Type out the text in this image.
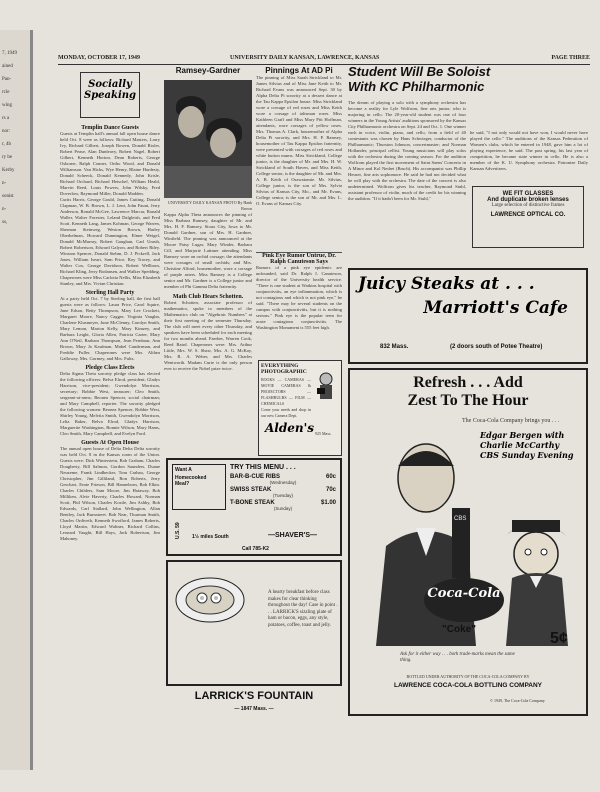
7, 1949
ained
Pan-
rcle
wing
rs a
nor:
r, 4b
ry be
Kerby
n-
sonist
n-
ss,
MONDAY, OCTOBER 17, 1949	UNIVERSITY DAILY KANSAN, LAWRENCE, KANSAS	PAGE THREE
Socially
Speaking
Templin Dance Guests
Guests at Templin hall's annual fall open house dance held Oct. 8 were as follows: Richard Masters, Larry Ivy, Richard Gilbert, Joseph Bowen, Donald Bixler, Robert Pease, Alan Dunleavy, Robert Nagel, Robert Gilbert, Kenneth Horton, Dean Roberts, George Osborne, Ralph Conner, Ortho Wood, and Donald Williamson. Van Hicks, Wye Henry, Blaine Hardesty, Donald Scheeck, Donald Kennedy, John Krisle, Richard Orchard, Richard Hetschel, William Heald, Marvin Reed, Louis Powers, John Wilsky, Fred Doverlow, Raymond Miller, Donald Madden.
Curtis Harris, George Gould, James Cutting, Donald Clapman, W. B. Brown, L. J. Lent, John Fauni, Jerry Anderson, Ronald McGee, Lawrence Marcar, Ronald Waller, Walter Forester, Leland Dalgleish, and Fred Scott. Kenneth Lang, James Kohman, George Warren, Sherman Steinweg, Weston Brown, Harley Oberhelman, Howard Dunnington, Elmer Weigel, Donald McMurray, Robert Gaughan, Carl Unruh, Robert Robertson, Edward Galyon, and Robert Riley. Winston Spencer, Donald Stehm, D. J. Pickrell, Jack Jones, William Iseart, Sam Price, Roy Tracey, and Walter Cox, George Davidson, Robert Wellborn, Richard Kling, Jerry Bodansen, and Walker Spedding. Chaperones were Miss Carlotta Nellis, Miss Elizabeth Stanley, and Mrs. Vivian Christian.
Sterling Hall Party
At a party held Oct. 7 by Sterling hall, the first hall guests were as follows: Laura Price, Carol Squire, June Edson, Betty Thompson, Mary Lee Crockett, Margaret Moore, Nancy Cagger, Virginia Vaughn, Charlene Klusmeyer, June McClenny, Carolyn Smith, Mary Lemon, Marion Kelly, Mary Kimzey, and Barbara Leight, Gloria Allen, Patricia Carter, Mary Ann O'Neil, Barbara Thompson, Jean Fernbaur, Ann Brown, Mary Jo Kaufman, Mabel Cunderman, and Freddie Fuller. Chaperones were Mrs. Althea Galloway, Mrs. Gormey, and Mrs. Fultz.
Pledge Class Elects
Delta Sigma Theta sorority pledge class has elected the following officers: Belva Elrod, president; Gladys Harrison, vice-president; Gwendolyn Morrison, secretary; Bobbie West, treasurer; Cleo Smith, sergeant-at-arms; Beonea Spencer, social chairman; and Mary Campbell, reporter. The sorority pledged the following women: Beonea Spencer, Bobbie West, Shirley Young, Melvita Smith, Gwendolyn Morrison, Lelia Baker, Belva Elrod, Gladys Harrison, Marguerite Washington, Bonnie Wilson, Mary Hams, Cleo Smith, Mary Campbell, and Evelyn Ford.
Guests At Open House
The annual open house of Delta Delta Delta sorority was held Oct. 8 in the Kansas room of the Union. Guests were: Dick Winterstein, Bob Graham, Charles Dougherty, Bill Salmon, Gordon Saunders, Duane Neuzeme, Frank Lindbecker, Tom Crabau, George Christopher, Jim Gilliland, Ron Roberts, Jerry Geschart, Ernie Frieson, Bill Hanneborn, Bob Elkin. Charles Childers, Sam Moore, Jim Hataway, Bob Milliken, Alvie Haverty, Charles Howard, Norman Scott, Phil Wilson, Charles Kostle, Jim Ashby, Bob Edwards, Carl Stallard, John Wellington, Allan Bentley, Jack Burnstreet. Bob Near, Thurman Smith, Charles Ordiveth, Kenneth Swofford, James Roberts, Lloyd Martin, Edward Waltner, Richard Collins, Leonard Vaught, Bill Hays, Jack Robertson, Jim Mahoney.
Ramsey-Gardner
UNIVERSITY DAILY KANSAN PHOTO By Hank Brown
Kappa Alpha Theta announces the pinning of Miss Barbara Ramsey, daughter of Mr. and Mrs. H. F. Ramsey, Sioux City, Iowa to Mr. Donald Gardner, son of Mrs. H. Gardner, Winfield. The pinning was announced at the Moore Patsy Lugar, Mary Winder, Barbara Cill, and Marjorie Latimer attending. Miss Ramsey wore an orchid corsage; the attendants were corsages of small orchids; and Mrs. Christine Alford, housemother, wore a corsage of purple asters. Miss Ramsey is a College senior and Mr. Gardner is a College junior and member of Phi Gamma Delta fraternity.
Math Club Hears Schotten.
Robert Schotten, associate professor of mathematics, spoke to members of the Mathematics club on "Algebraic Numbers" at their first meeting of the semester Thursday. The club will meet every other Thursday, and speakers have been scheduled for each meeting for two months ahead. Faerber, Warren Cook, Reed Baird. Chaperones were: Mrs. Arthur Little, Mrs. W. S. Shaw, Mrs. A. G. McKay, Mrs. R. A. Weber, and Mrs. Charles Wentworth. Madam Curie is the only person ever to receive the Nobel prize twice.
Pinnings At AD Pi
The pinning of Miss Sarah Strickland to Mr. James Silvius and of Miss Jane Keith to Mr. Richard Evans was announced Sept. 30 by Alpha Delta Pi sorority at a dessert dance at the Tau Kappa Epsilon house. Miss Strickland wore a corsage of red roses and Miss Keith wore a corsage of talisman roses. Miss Kathleen Graff and Miss Mary Pitt Hoffman, attendants, wore corsages of yellow roses. Mrs. Thomas A. Clark, housemother of Alpha Delta Pi sorority, and Mrs. H. P. Ramsey, housemother of Tau Kappa Epsilon fraternity, were presented with corsages of red roses and white button mums. Miss Strickland, College junior, is the daughter of Mr. and Mrs. H. W. Strickland of South Haven, and Miss Keith, College senior, is the daughter of Mr. and Mrs. A. B. Keith of Osawatomie. Mr. Silvius, College junior, is the son of Mrs. Sylvia Silvius of Kansas City, Mo., and Mr. Evans, College senior, is the son of Mr. and Mrs. L. O. Evans of Kansas City.
Pink Eye Rumor Untrue, Dr. Ralph Canuteson Says
Rumors of a pink eye epidemic are unfounded, said Dr. Ralph I. Canuteson, director of the University health service. "There is one student at Watkins hospital with conjunctivitis, an eye inflammation, which is not contagious and which is not pink eye," he said. "There may be several students on the campus with conjunctivitis, but it is nothing serious." Pink eye is the popular term for acute contagious conjunctivitis. The Washington Monument is 555 feet high.
EVERYTHING PHOTOGRAPHIC
BOOKS — CAMERAS — MOVIE CAMERAS & PROJECTORS — FLASHBULBS — FILM — CHEMICALS
Come your needs and shop in our new Camera Dept.
Alden's 925 Mass.
Want A
Homecooked
Meal?
U.S. 59
TRY THIS MENU . . .
BAR-B-CUE RIBS	60c
(Wednesday)
SWISS STEAK	70c
(Tuesday)
T-BONE STEAK	$1.00
(Sunday)
1½ miles South	—SHAVER'S—
Call 785-K2
A hearty breakfast before class makes for clear thinking throughout the day! Case in point . . . LARRICK'S sizzling plate of ham or bacon, eggs, any style, potatoes, coffee, toast and jelly.
LARRICK'S FOUNTAIN
— 1847 Mass. —
Student Will Be Soloist
With KC Philharmonic
The dream of playing a solo with a symphony orchestra has become a reality for Lyle Wolfrom, fine arts junior, who is majoring in cello. The 20-year-old student was one of four winners in the Young Artists' auditions sponsored by the Kansas City Philharmonic orchestra on Sept. 24 and Oct. 1. One winner each in voice, violin, piano, and cello, from a field of 40 contestants was chosen by Hans Schwieger, conductor of the Philharmonic; Thurston Johnson, concertmaster; and Norman Hollander, principal cellist. Young musicians will play solos with the orchestra during the coming season. For the audition Wolfrom played the first movement of Saint Saens' Concerto in A Minor and Kol Nedrei (Bruch). His accompanist was Phillip Heuser, fine arts sophomore. He said he had not decided what he will play with the orchestra. The date of the concert is also undetermined. Wolfrom gives his teacher, Raymond Stuhl, assistant professor of violin, much of the credit for his winning the audition. "If it hadn't been for Mr. Stuhl,"
he said, "I not only would not have won, I would never have played the cello." The auditions of the Kansas Federation of Women's clubs, which he entered in 1948, gave him a lot of playing experience, he said. The past spring, his last year of competition, he became state winner in cello. He is also a member of the K. U. Symphony orchestra. Patronize Daily Kansan Advertisers.
WE FIT GLASSES
And duplicate broken lenses
Large selection of distinctive frames
LAWRENCE OPTICAL CO.
Juicy Steaks at . . .
Marriott's Cafe
832 Mass.	(2 doors south of Potee Theatre)
Refresh . . . Add
Zest To The Hour
The Coca-Cola Company brings you . . .
Edgar Bergen with
Charlie McCarthy
CBS Sunday Evening
CBS
Coca-Cola
"Coke"
5¢
Ask for it either way . . . both trade-marks mean the same thing.
BOTTLED UNDER AUTHORITY OF THE COCA-COLA COMPANY BY
LAWRENCE COCA-COLA BOTTLING COMPANY
© 1949, The Coca-Cola Company
